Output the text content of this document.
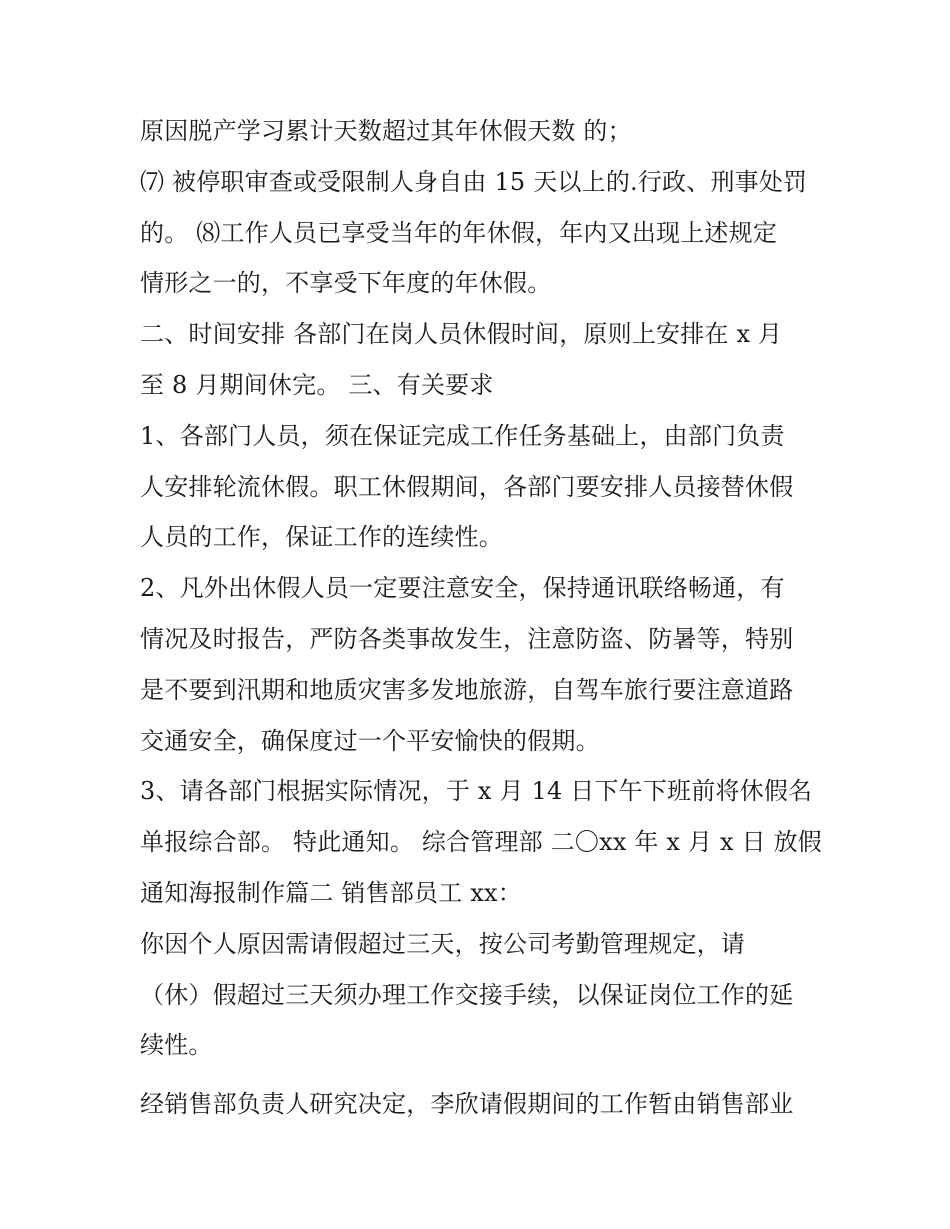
原因脱产学习累计天数超过其年休假天数 的；
⑺ 被停职审查或受限制人身自由 15 天以上的.行政、刑事处罚
的。 ⑻工作人员已享受当年的年休假，年内又出现上述规定
情形之一的，不享受下年度的年休假。
二、时间安排 各部门在岗人员休假时间，原则上安排在 x 月
至 8 月期间休完。 三、有关要求
1、各部门人员，须在保证完成工作任务基础上，由部门负责
人安排轮流休假。职工休假期间，各部门要安排人员接替休假
人员的工作，保证工作的连续性。
2、凡外出休假人员一定要注意安全，保持通讯联络畅通，有
情况及时报告，严防各类事故发生，注意防盗、防暑等，特别
是不要到汛期和地质灾害多发地旅游，自驾车旅行要注意道路
交通安全，确保度过一个平安愉快的假期。
3、请各部门根据实际情况，于 x 月 14 日下午下班前将休假名
单报综合部。 特此通知。 综合管理部 二〇xx 年 x 月 x 日 放假
通知海报制作篇二 销售部员工 xx：
你因个人原因需请假超过三天，按公司考勤管理规定，请
（休）假超过三天须办理工作交接手续，以保证岗位工作的延
续性。
经销售部负责人研究决定，李欣请假期间的工作暂由销售部业
